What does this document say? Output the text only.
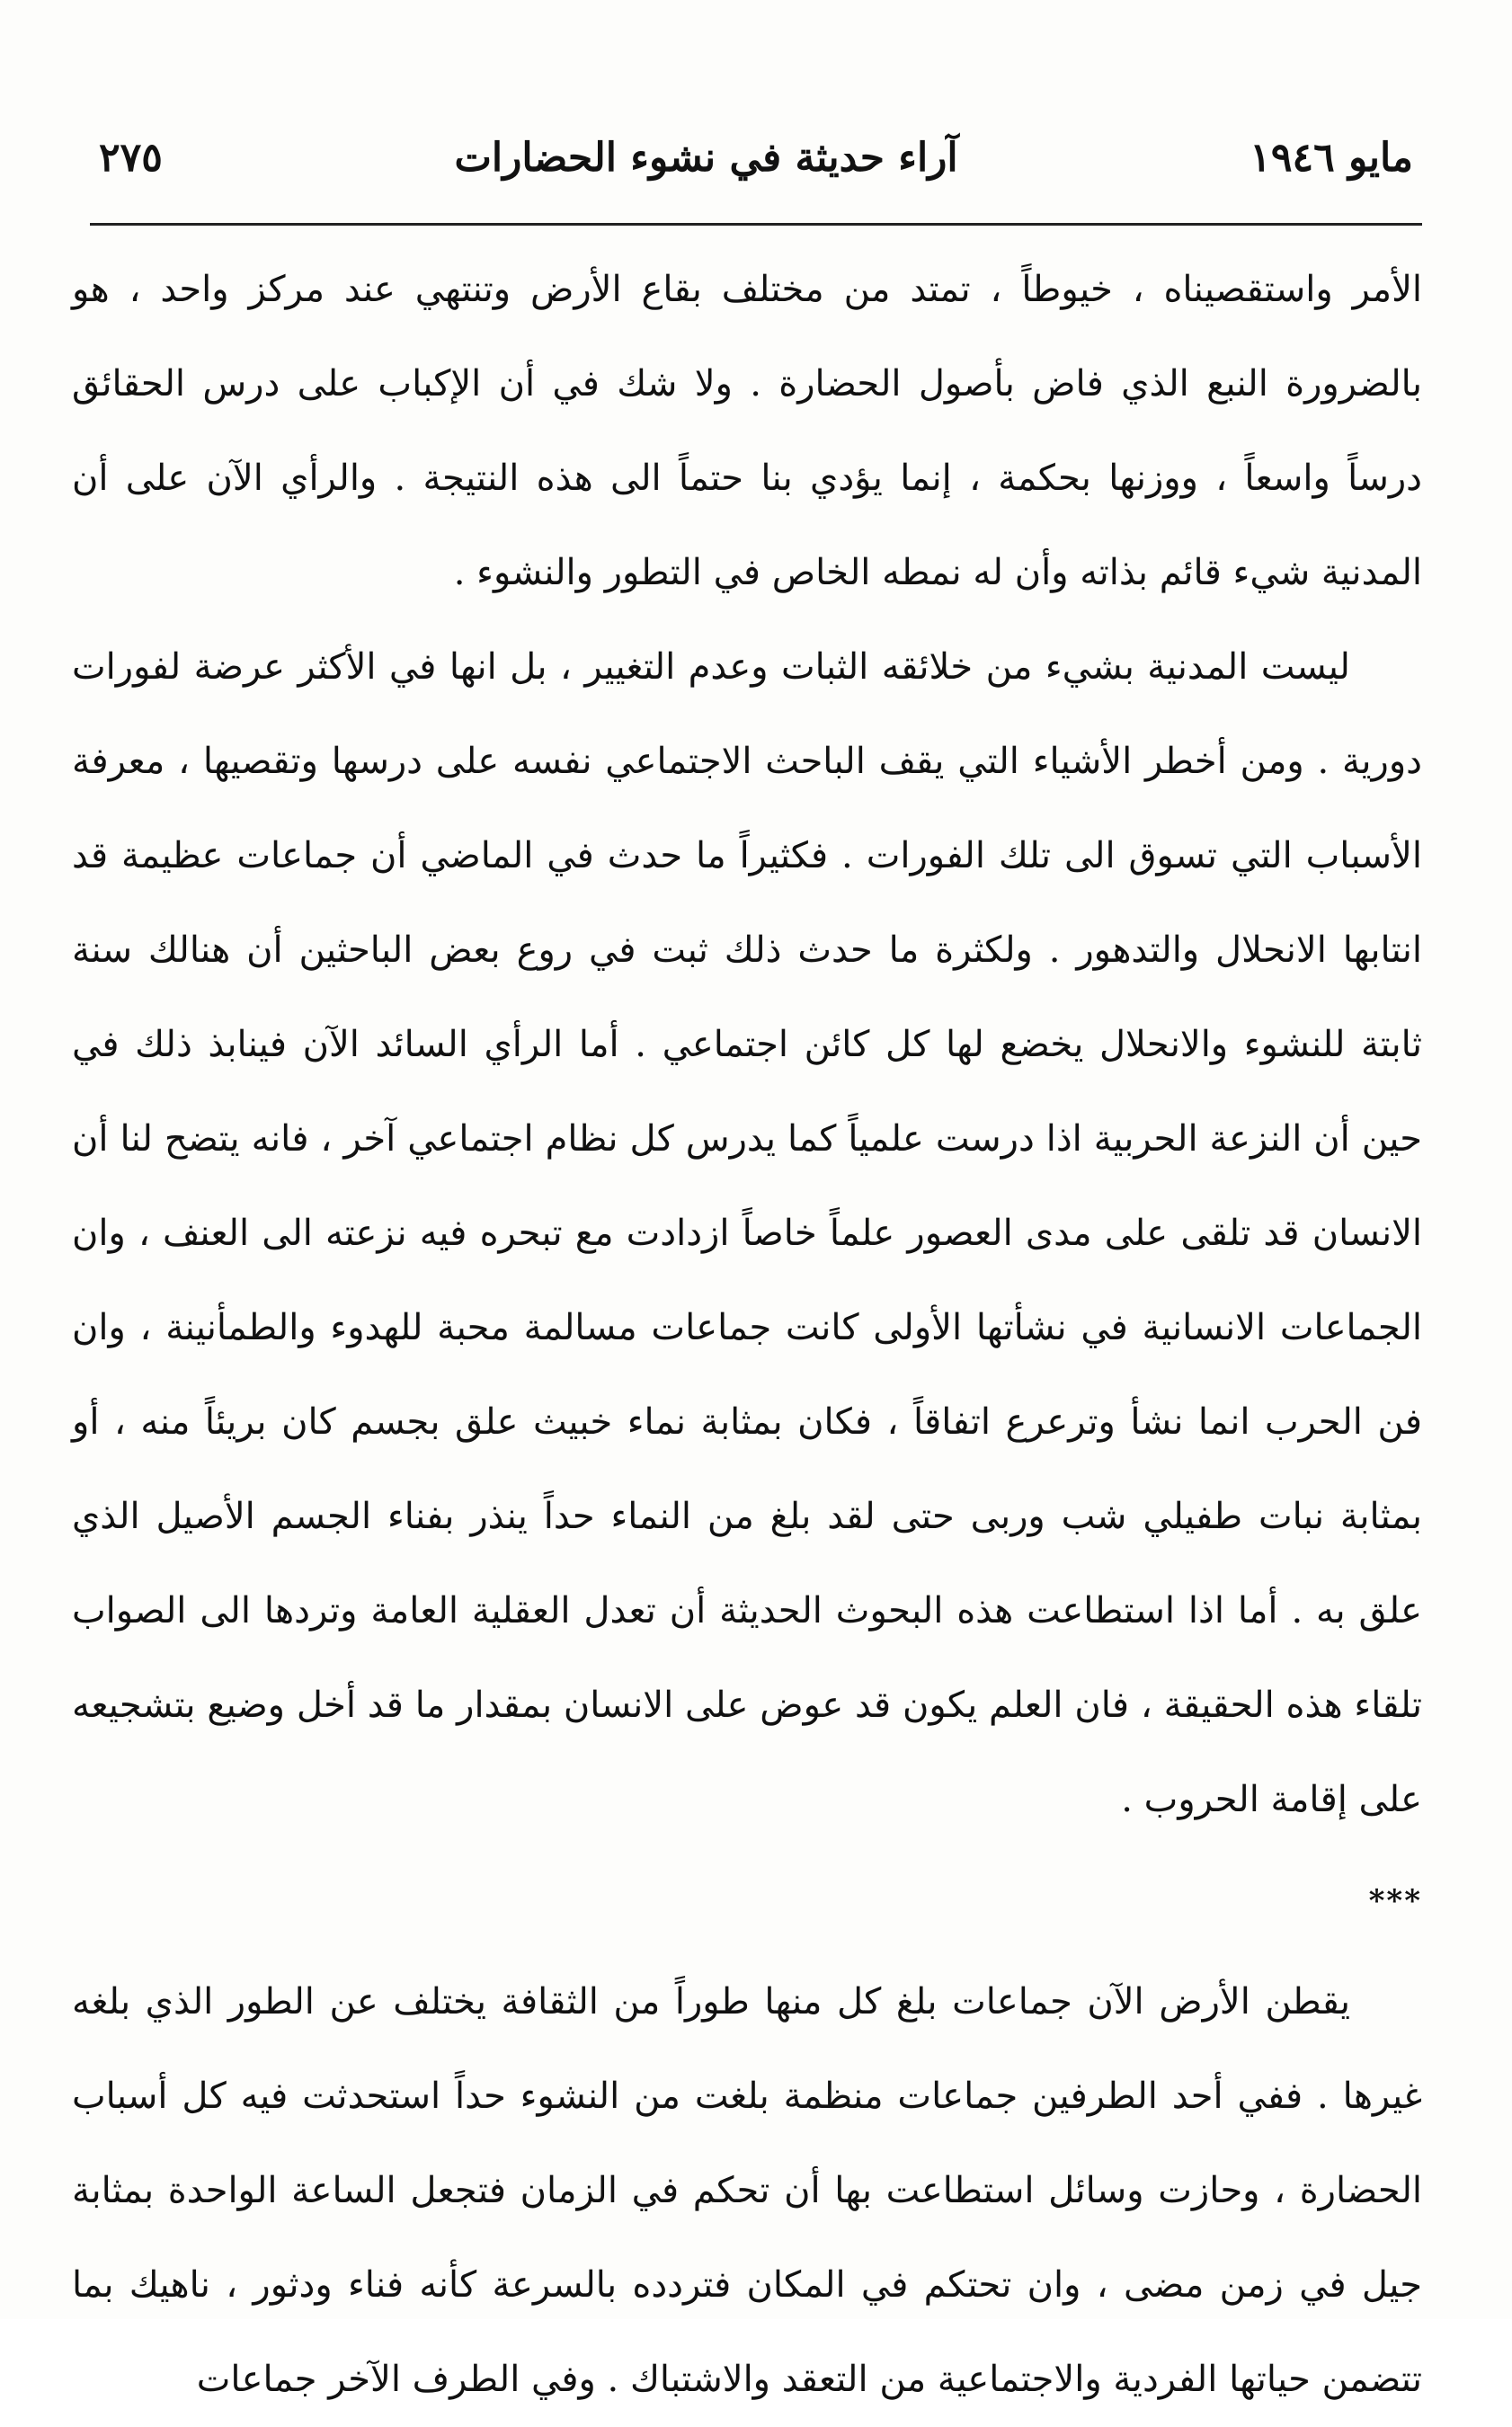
مايو ١٩٤٦
آراء حديثة في نشوء الحضارات
٢٧٥

الأمر واستقصيناه ، خيوطاً ، تمتد من مختلف بقاع الأرض وتنتهي عند مركز واحد ، هو بالضرورة النبع الذي فاض بأصول الحضارة . ولا شك في أن الإكباب على درس الحقائق درساً واسعاً ، ووزنها بحكمة ، إنما يؤدي بنا حتماً الى هذه النتيجة . والرأي الآن على أن المدنية شيء قائم بذاته وأن له نمطه الخاص في التطور والنشوء .

ليست المدنية بشيء من خلائقه الثبات وعدم التغيير ، بل انها في الأكثر عرضة لفورات دورية . ومن أخطر الأشياء التي يقف الباحث الاجتماعي نفسه على درسها وتقصيها ، معرفة الأسباب التي تسوق الى تلك الفورات . فكثيراً ما حدث في الماضي أن جماعات عظيمة قد انتابها الانحلال والتدهور . ولكثرة ما حدث ذلك ثبت في روع بعض الباحثين أن هنالك سنة ثابتة للنشوء والانحلال يخضع لها كل كائن اجتماعي . أما الرأي السائد الآن فينابذ ذلك في حين أن النزعة الحربية اذا درست علمياً كما يدرس كل نظام اجتماعي آخر ، فانه يتضح لنا أن الانسان قد تلقى على مدى العصور علماً خاصاً ازدادت مع تبحره فيه نزعته الى العنف ، وان الجماعات الانسانية في نشأتها الأولى كانت جماعات مسالمة محبة للهدوء والطمأنينة ، وان فن الحرب انما نشأ وترعرع اتفاقاً ، فكان بمثابة نماء خبيث علق بجسم كان بريئاً منه ، أو بمثابة نبات طفيلي شب وربى حتى لقد بلغ من النماء حداً ينذر بفناء الجسم الأصيل الذي علق به . أما اذا استطاعت هذه البحوث الحديثة أن تعدل العقلية العامة وتردها الى الصواب تلقاء هذه الحقيقة ، فان العلم يكون قد عوض على الانسان بمقدار ما قد أخل وضيع بتشجيعه على إقامة الحروب .

***

يقطن الأرض الآن جماعات بلغ كل منها طوراً من الثقافة يختلف عن الطور الذي بلغه غيرها . ففي أحد الطرفين جماعات منظمة بلغت من النشوء حداً استحدثت فيه كل أسباب الحضارة ، وحازت وسائل استطاعت بها أن تحكم في الزمان فتجعل الساعة الواحدة بمثابة جيل في زمن مضى ، وان تحتكم في المكان فتردده بالسرعة كأنه فناء ودثور ، ناهيك بما تتضمن حياتها الفردية والاجتماعية من التعقد والاشتباك . وفي الطرف الآخر جماعات
